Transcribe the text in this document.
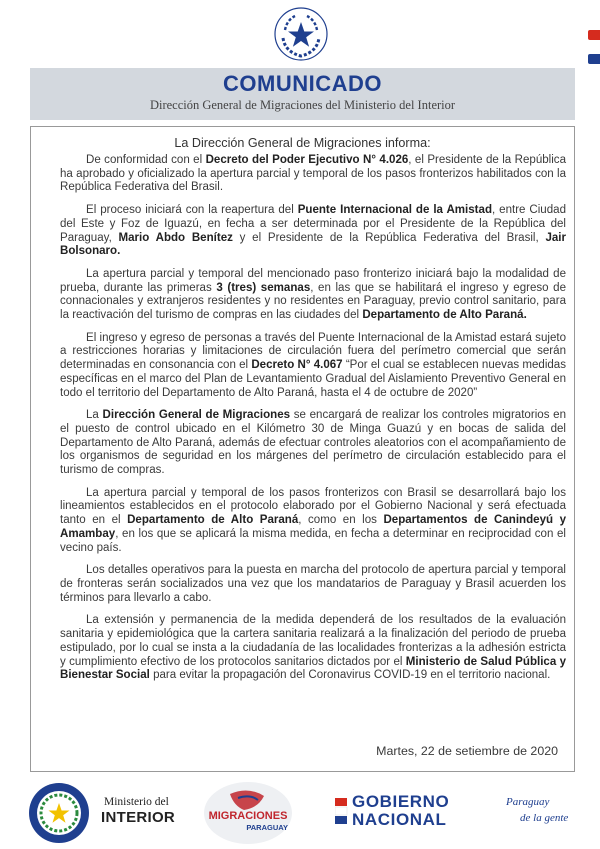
COMUNICADO
Dirección General de Migraciones del Ministerio del Interior
La Dirección General de Migraciones informa:

De conformidad con el Decreto del Poder Ejecutivo N° 4.026, el Presidente de la República ha aprobado y oficializado la apertura parcial y temporal de los pasos fronterizos habilitados con la República Federativa del Brasil.

El proceso iniciará con la reapertura del Puente Internacional de la Amistad, entre Ciudad del Este y Foz de Iguazú, en fecha a ser determinada por el Presidente de la República del Paraguay, Mario Abdo Benítez y el Presidente de la República Federativa del Brasil, Jair Bolsonaro.

La apertura parcial y temporal del mencionado paso fronterizo iniciará bajo la modalidad de prueba, durante las primeras 3 (tres) semanas, en las que se habilitará el ingreso y egreso de connacionales y extranjeros residentes y no residentes en Paraguay, previo control sanitario, para la reactivación del turismo de compras en las ciudades del Departamento de Alto Paraná.

El ingreso y egreso de personas a través del Puente Internacional de la Amistad estará sujeto a restricciones horarias y limitaciones de circulación fuera del perímetro comercial que serán determinadas en consonancia con el Decreto N° 4.067 “Por el cual se establecen nuevas medidas específicas en el marco del Plan de Levantamiento Gradual del Aislamiento Preventivo General en todo el territorio del Departamento de Alto Paraná, hasta el 4 de octubre de 2020”

La Dirección General de Migraciones se encargará de realizar los controles migratorios en el puesto de control ubicado en el Kilómetro 30 de Minga Guazú y en bocas de salida del Departamento de Alto Paraná, además de efectuar controles aleatorios con el acompañamiento de los organismos de seguridad en los márgenes del perímetro de circulación establecido para el turismo de compras.

La apertura parcial y temporal de los pasos fronterizos con Brasil se desarrollará bajo los lineamientos establecidos en el protocolo elaborado por el Gobierno Nacional y será efectuada tanto en el Departamento de Alto Paraná, como en los Departamentos de Canindeyú y Amambay, en los que se aplicará la misma medida, en fecha a determinar en reciprocidad con el vecino país.

Los detalles operativos para la puesta en marcha del protocolo de apertura parcial y temporal de fronteras serán socializados una vez que los mandatarios de Paraguay y Brasil acuerden los términos para llevarlo a cabo.

La extensión y permanencia de la medida dependerá de los resultados de la evaluación sanitaria y epidemiológica que la cartera sanitaria realizará a la finalización del periodo de prueba estipulado, por lo cual se insta a la ciudadanía de las localidades fronterizas a la adhesión estricta y cumplimiento efectivo de los protocolos sanitarios dictados por el Ministerio de Salud Pública y Bienestar Social para evitar la propagación del Coronavirus COVID-19 en el territorio nacional.

Martes, 22 de setiembre de 2020
Ministerio del
INTERIOR	MIGRACIONES
PARAGUAY
GOBIERNO
NACIONAL
Paraguay
de la gente
